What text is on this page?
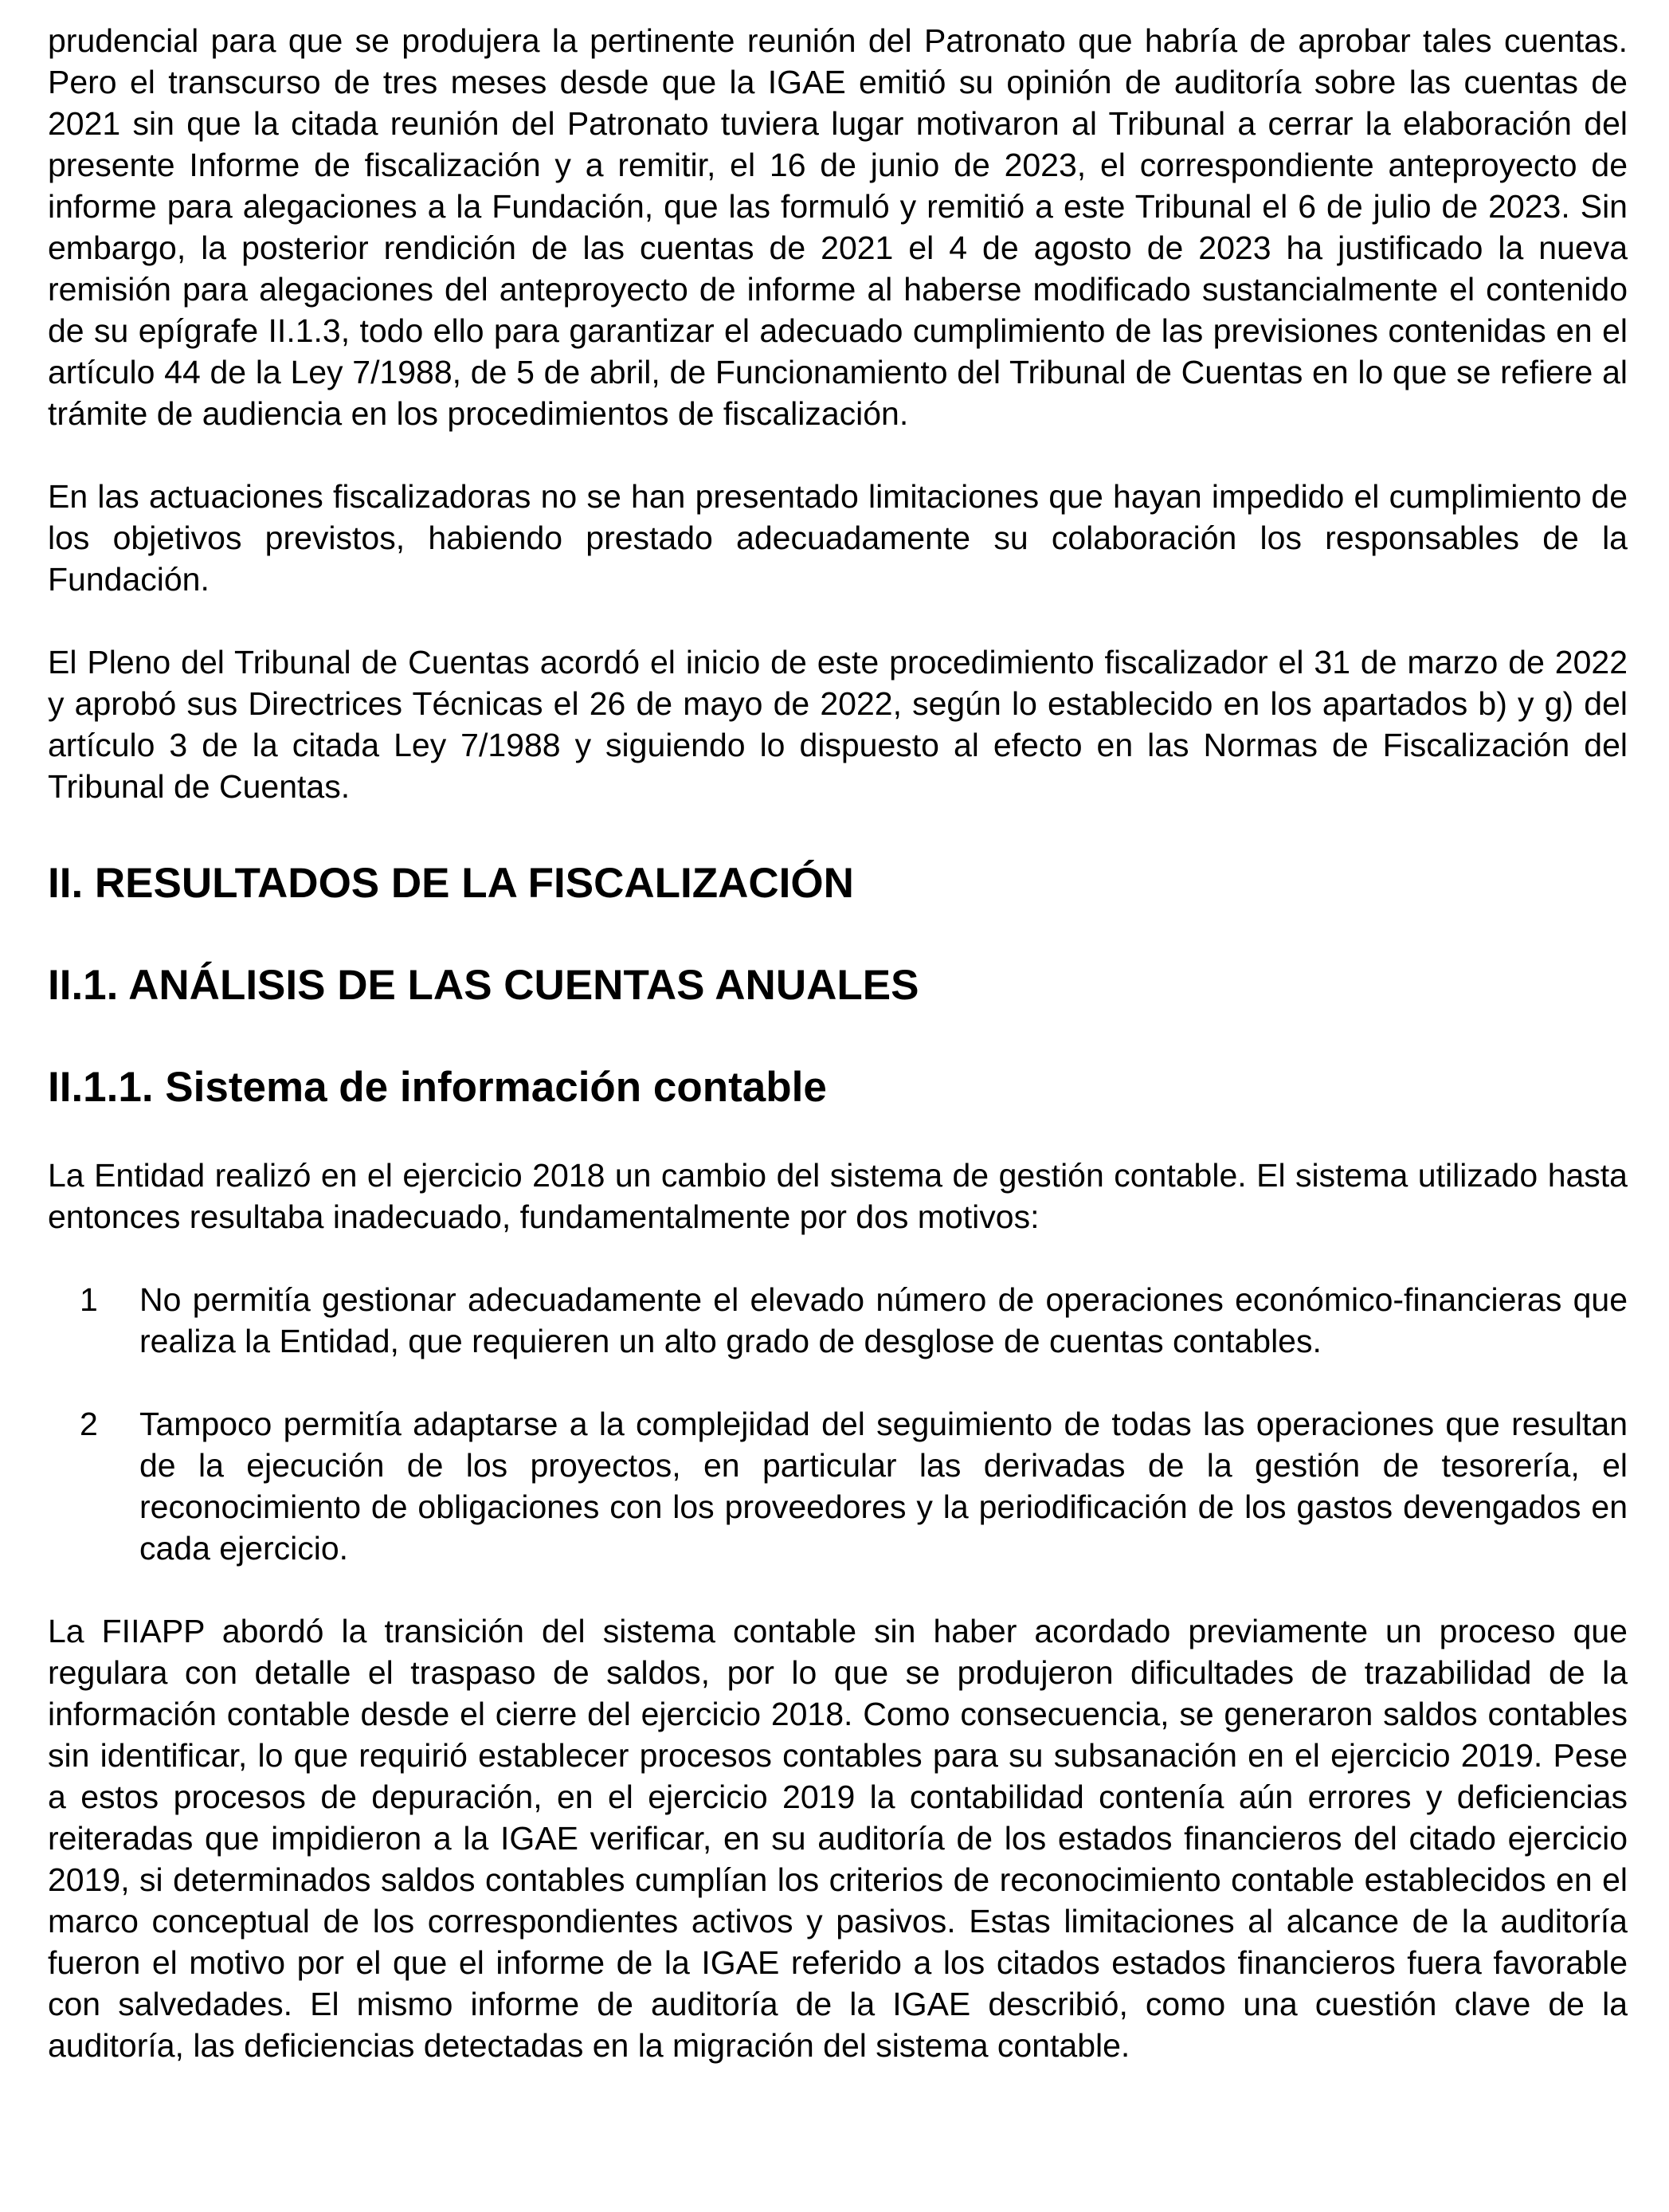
prudencial para que se produjera la pertinente reunión del Patronato que habría de aprobar tales cuentas. Pero el transcurso de tres meses desde que la IGAE emitió su opinión de auditoría sobre las cuentas de 2021 sin que la citada reunión del Patronato tuviera lugar motivaron al Tribunal a cerrar la elaboración del presente Informe de fiscalización y a remitir, el 16 de junio de 2023, el correspondiente anteproyecto de informe para alegaciones a la Fundación, que las formuló y remitió a este Tribunal el 6 de julio de 2023. Sin embargo, la posterior rendición de las cuentas de 2021 el 4 de agosto de 2023 ha justificado la nueva remisión para alegaciones del anteproyecto de informe al haberse modificado sustancialmente el contenido de su epígrafe II.1.3, todo ello para garantizar el adecuado cumplimiento de las previsiones contenidas en el artículo 44 de la Ley 7/1988, de 5 de abril, de Funcionamiento del Tribunal de Cuentas en lo que se refiere al trámite de audiencia en los procedimientos de fiscalización.

En las actuaciones fiscalizadoras no se han presentado limitaciones que hayan impedido el cumplimiento de los objetivos previstos, habiendo prestado adecuadamente su colaboración los responsables de la Fundación.

El Pleno del Tribunal de Cuentas acordó el inicio de este procedimiento fiscalizador el 31 de marzo de 2022 y aprobó sus Directrices Técnicas el 26 de mayo de 2022, según lo establecido en los apartados b) y g) del artículo 3 de la citada Ley 7/1988 y siguiendo lo dispuesto al efecto en las Normas de Fiscalización del Tribunal de Cuentas.

II. RESULTADOS DE LA FISCALIZACIÓN
II.1. ANÁLISIS DE LAS CUENTAS ANUALES
II.1.1. Sistema de información contable

La Entidad realizó en el ejercicio 2018 un cambio del sistema de gestión contable. El sistema utilizado hasta entonces resultaba inadecuado, fundamentalmente por dos motivos:

1 No permitía gestionar adecuadamente el elevado número de operaciones económico-financieras que realiza la Entidad, que requieren un alto grado de desglose de cuentas contables.
2 Tampoco permitía adaptarse a la complejidad del seguimiento de todas las operaciones que resultan de la ejecución de los proyectos, en particular las derivadas de la gestión de tesorería, el reconocimiento de obligaciones con los proveedores y la periodificación de los gastos devengados en cada ejercicio.

La FIIAPP abordó la transición del sistema contable sin haber acordado previamente un proceso que regulara con detalle el traspaso de saldos, por lo que se produjeron dificultades de trazabilidad de la información contable desde el cierre del ejercicio 2018. Como consecuencia, se generaron saldos contables sin identificar, lo que requirió establecer procesos contables para su subsanación en el ejercicio 2019. Pese a estos procesos de depuración, en el ejercicio 2019 la contabilidad contenía aún errores y deficiencias reiteradas que impidieron a la IGAE verificar, en su auditoría de los estados financieros del citado ejercicio 2019, si determinados saldos contables cumplían los criterios de reconocimiento contable establecidos en el marco conceptual de los correspondientes activos y pasivos. Estas limitaciones al alcance de la auditoría fueron el motivo por el que el informe de la IGAE referido a los citados estados financieros fuera favorable con salvedades. El mismo informe de auditoría de la IGAE describió, como una cuestión clave de la auditoría, las deficiencias detectadas en la migración del sistema contable.
